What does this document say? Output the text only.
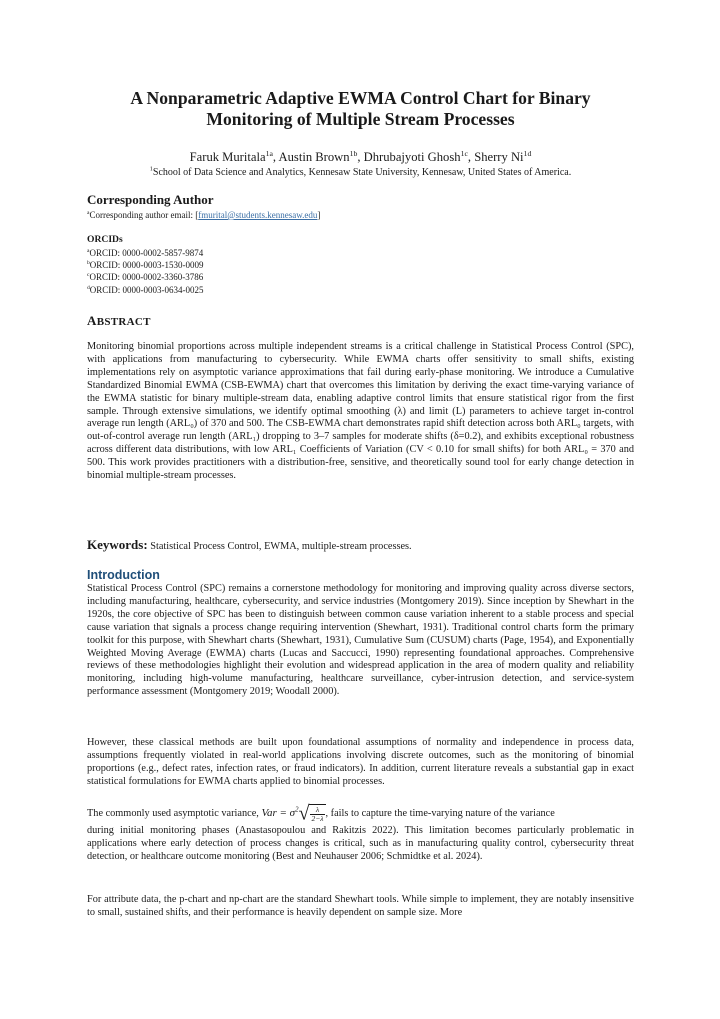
A Nonparametric Adaptive EWMA Control Chart for Binary Monitoring of Multiple Stream Processes
Faruk Muritala$^{1a}$, Austin Brown$^{1b}$, Dhrubajyoti Ghosh$^{1c}$, Sherry $Ni^{1d}$
$^1$School of Data Science and Analytics, Kennesaw State University, Kennesaw, United States of America.
Corresponding Author
$^a$Corresponding author email: [fmurital@students.kennesaw.edu]
ORCIDs
$^a$ORCID: 0000-0002-5857-9874
$^b$ORCID: 0000-0003-1530-0009
$^c$ORCID: 0000-0002-3360-3786
$^d$ORCID: 0000-0003-0634-0025
ABSTRACT

Monitoring binomial proportions across multiple independent streams is a critical challenge in Statistical Process Control (SPC), with applications from manufacturing to cybersecurity. While EWMA charts offer sensitivity to small shifts, existing implementations rely on asymptotic variance approximations that fail during early-phase monitoring. We introduce a Cumulative Standardized Binomial EWMA (CSB-EWMA) chart that overcomes this limitation by deriving the exact time-varying variance of the EWMA statistic for binary multiple-stream data, enabling adaptive control limits that ensure statistical rigor from the first sample. Through extensive simulations, we identify optimal smoothing (λ) and limit (L) parameters to achieve target in-control average run length (ARL₀) of 370 and 500. The CSB-EWMA chart demonstrates rapid shift detection across both ARL₀ targets, with out-of-control average run length (ARL₁) dropping to 3–7 samples for moderate shifts (δ=0.2), and exhibits exceptional robustness across different data distributions, with low ARL₁ Coefficients of Variation (CV < 0.10 for small shifts) for both ARL₀ = 370 and 500. This work provides practitioners with a distribution-free, sensitive, and theoretically sound tool for early change detection in binomial multiple-stream processes.

Keywords: Statistical Process Control, EWMA, multiple-stream processes.
Introduction

Statistical Process Control (SPC) remains a cornerstone methodology for monitoring and improving quality across diverse sectors, including manufacturing, healthcare, cybersecurity, and service industries (Montgomery 2019). Since inception by Shewhart in the 1920s, the core objective of SPC has been to distinguish between common cause variation inherent to a stable process and special cause variation that signals a process change requiring intervention (Shewhart, 1931). Traditional control charts form the primary toolkit for this purpose, with Shewhart charts (Shewhart, 1931), Cumulative Sum (CUSUM) charts (Page, 1954), and Exponentially Weighted Moving Average (EWMA) charts (Lucas and Saccucci, 1990) representing foundational approaches. Comprehensive reviews of these methodologies highlight their evolution and widespread application in the area of modern quality and reliability monitoring, including high-volume manufacturing, healthcare surveillance, cyber-intrusion detection, and service-system performance assessment (Montgomery 2019; Woodall 2000).

However, these classical methods are built upon foundational assumptions of normality and independence in process data, assumptions frequently violated in real-world applications involving discrete outcomes, such as the monitoring of binomial proportions (e.g., defect rates, infection rates, or fraud indicators). In addition, current literature reveals a substantial gap in exact statistical formulations for EWMA charts applied to binomial processes.

The commonly used asymptotic variance, Var = $\sigma^2√ \frac{\lambda}{2-\lambda}$ , fails to capture the time-varying nature of the variance

during initial monitoring phases (Anastasopoulou and Rakitzis 2022). This limitation becomes particularly problematic in applications where early detection of process changes is critical, such as in manufacturing quality control, cybersecurity threat detection, or healthcare outcome monitoring (Best and Neuhauser 2006; Schmidtke et al. 2024).

For attribute data, the p-chart and np-chart are the standard Shewhart tools. While simple to implement, they are notably insensitive to small, sustained shifts, and their performance is heavily dependent on sample size. More
